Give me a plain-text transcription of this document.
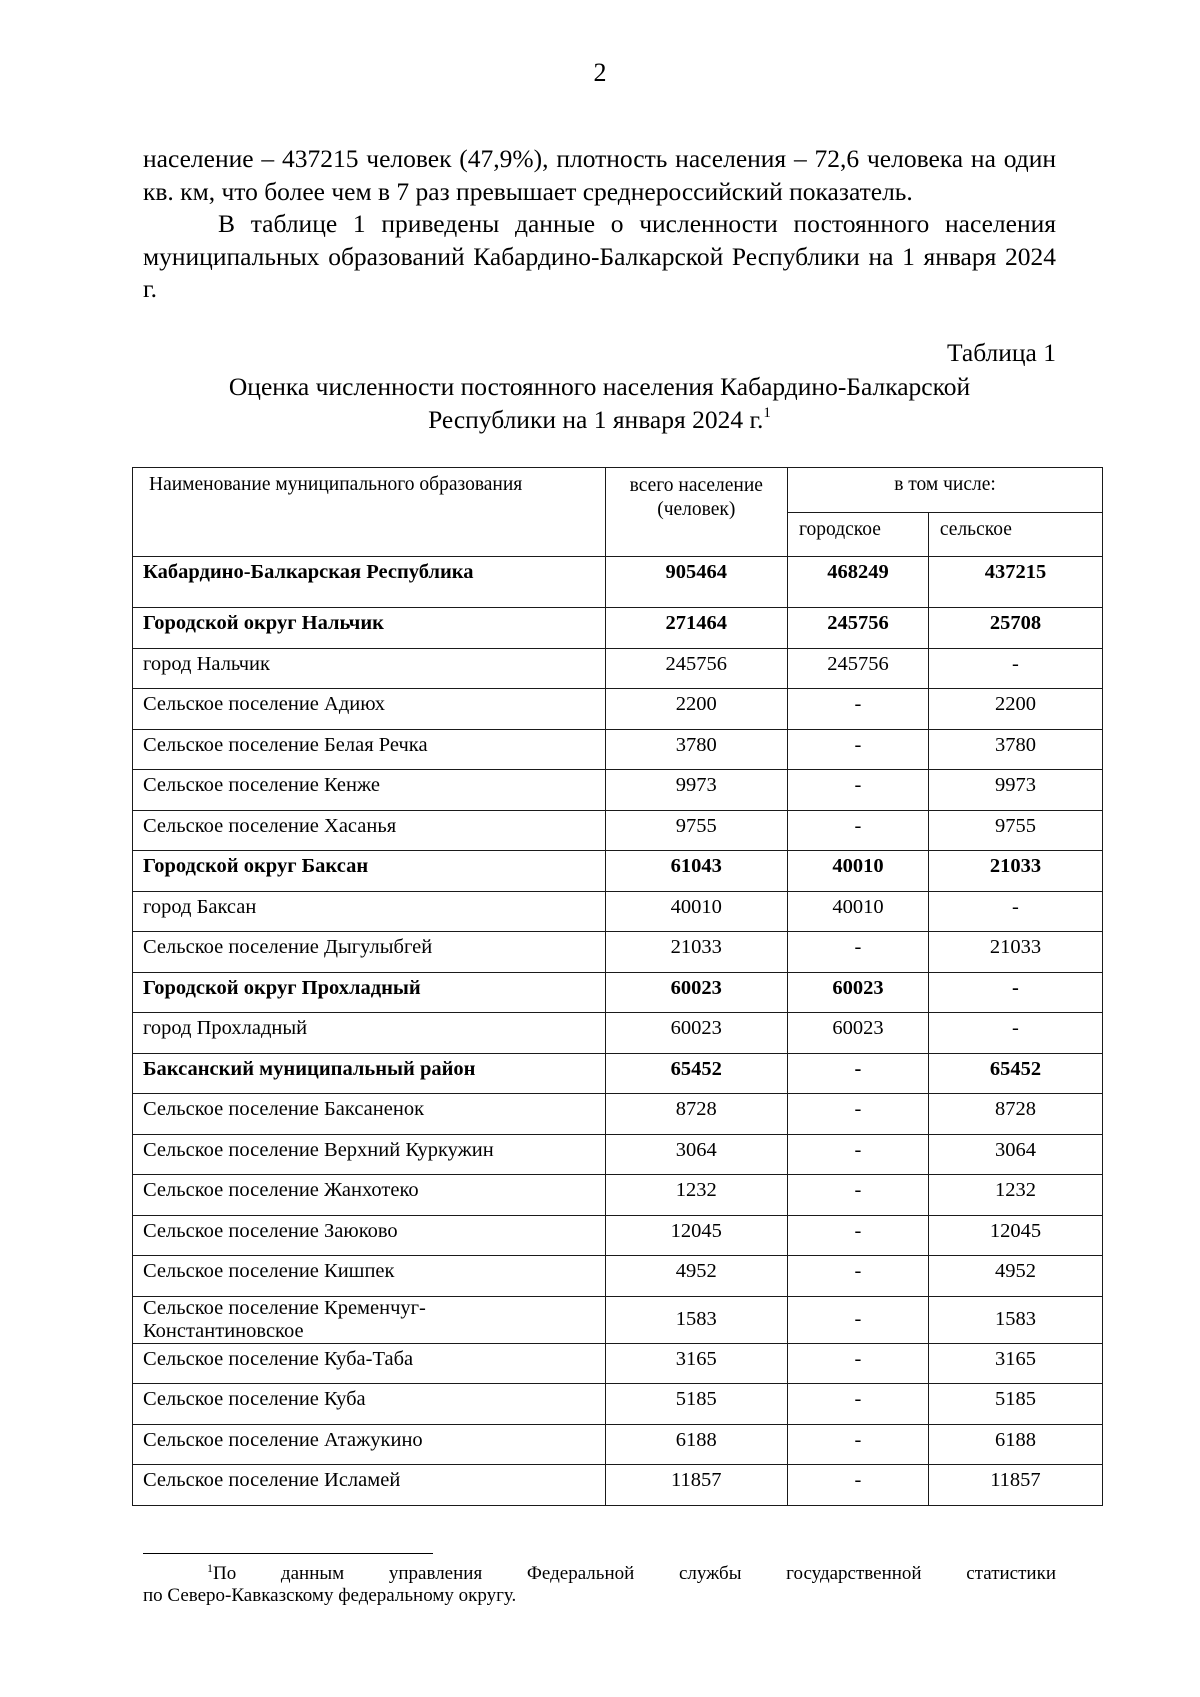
2

население – 437215 человек (47,9%), плотность населения – 72,6 человека на один кв. км, что более чем в 7 раз превышает среднероссийский показатель.

В таблице 1 приведены данные о численности постоянного населения муниципальных образований Кабардино-Балкарской Республики на 1 января 2024 г.

Таблица 1
Оценка численности постоянного населения Кабардино-Балкарской
Республики на 1 января 2024 г.$^1$
Наименование муниципального образования	всего население (человек)	в том числе:	
		городское	сельское
Кабардино-Балкарская Республика	905464	468249	437215
Городской округ Нальчик	271464	245756	25708
город Нальчик	245756	245756	-
Сельское поселение Адиюх	2200	-	2200
Сельское поселение Белая Речка	3780	-	3780
Сельское поселение Кенже	9973	-	9973
Сельское поселение Хасанья	9755	-	9755
Городской округ Баксан	61043	40010	21033
город Баксан	40010	40010	-
Сельское поселение Дыгулыбгей	21033	-	21033
Городской округ Прохладный	60023	60023	-
город Прохладный	60023	60023	-
Баксанский муниципальный район	65452	-	65452
Сельское поселение Баксаненок	8728	-	8728
Сельское поселение Верхний Куркужин	3064	-	3064
Сельское поселение Жанхотеко	1232	-	1232
Сельское поселение Заюково	12045	-	12045
Сельское поселение Кишпек	4952	-	4952

Сельское поселение Кременчуг-
Константиновское	1583	-	1583
Сельское поселение Куба-Таба	3165	-	3165
Сельское поселение Куба	5185	-	5185
Сельское поселение Атажукино	6188	-	6188
Сельское поселение Исламей	11857	-	11857

$^1$По данным управления Федеральной службы государственной статистики

по Северо-Кавказскому федеральному округу.
